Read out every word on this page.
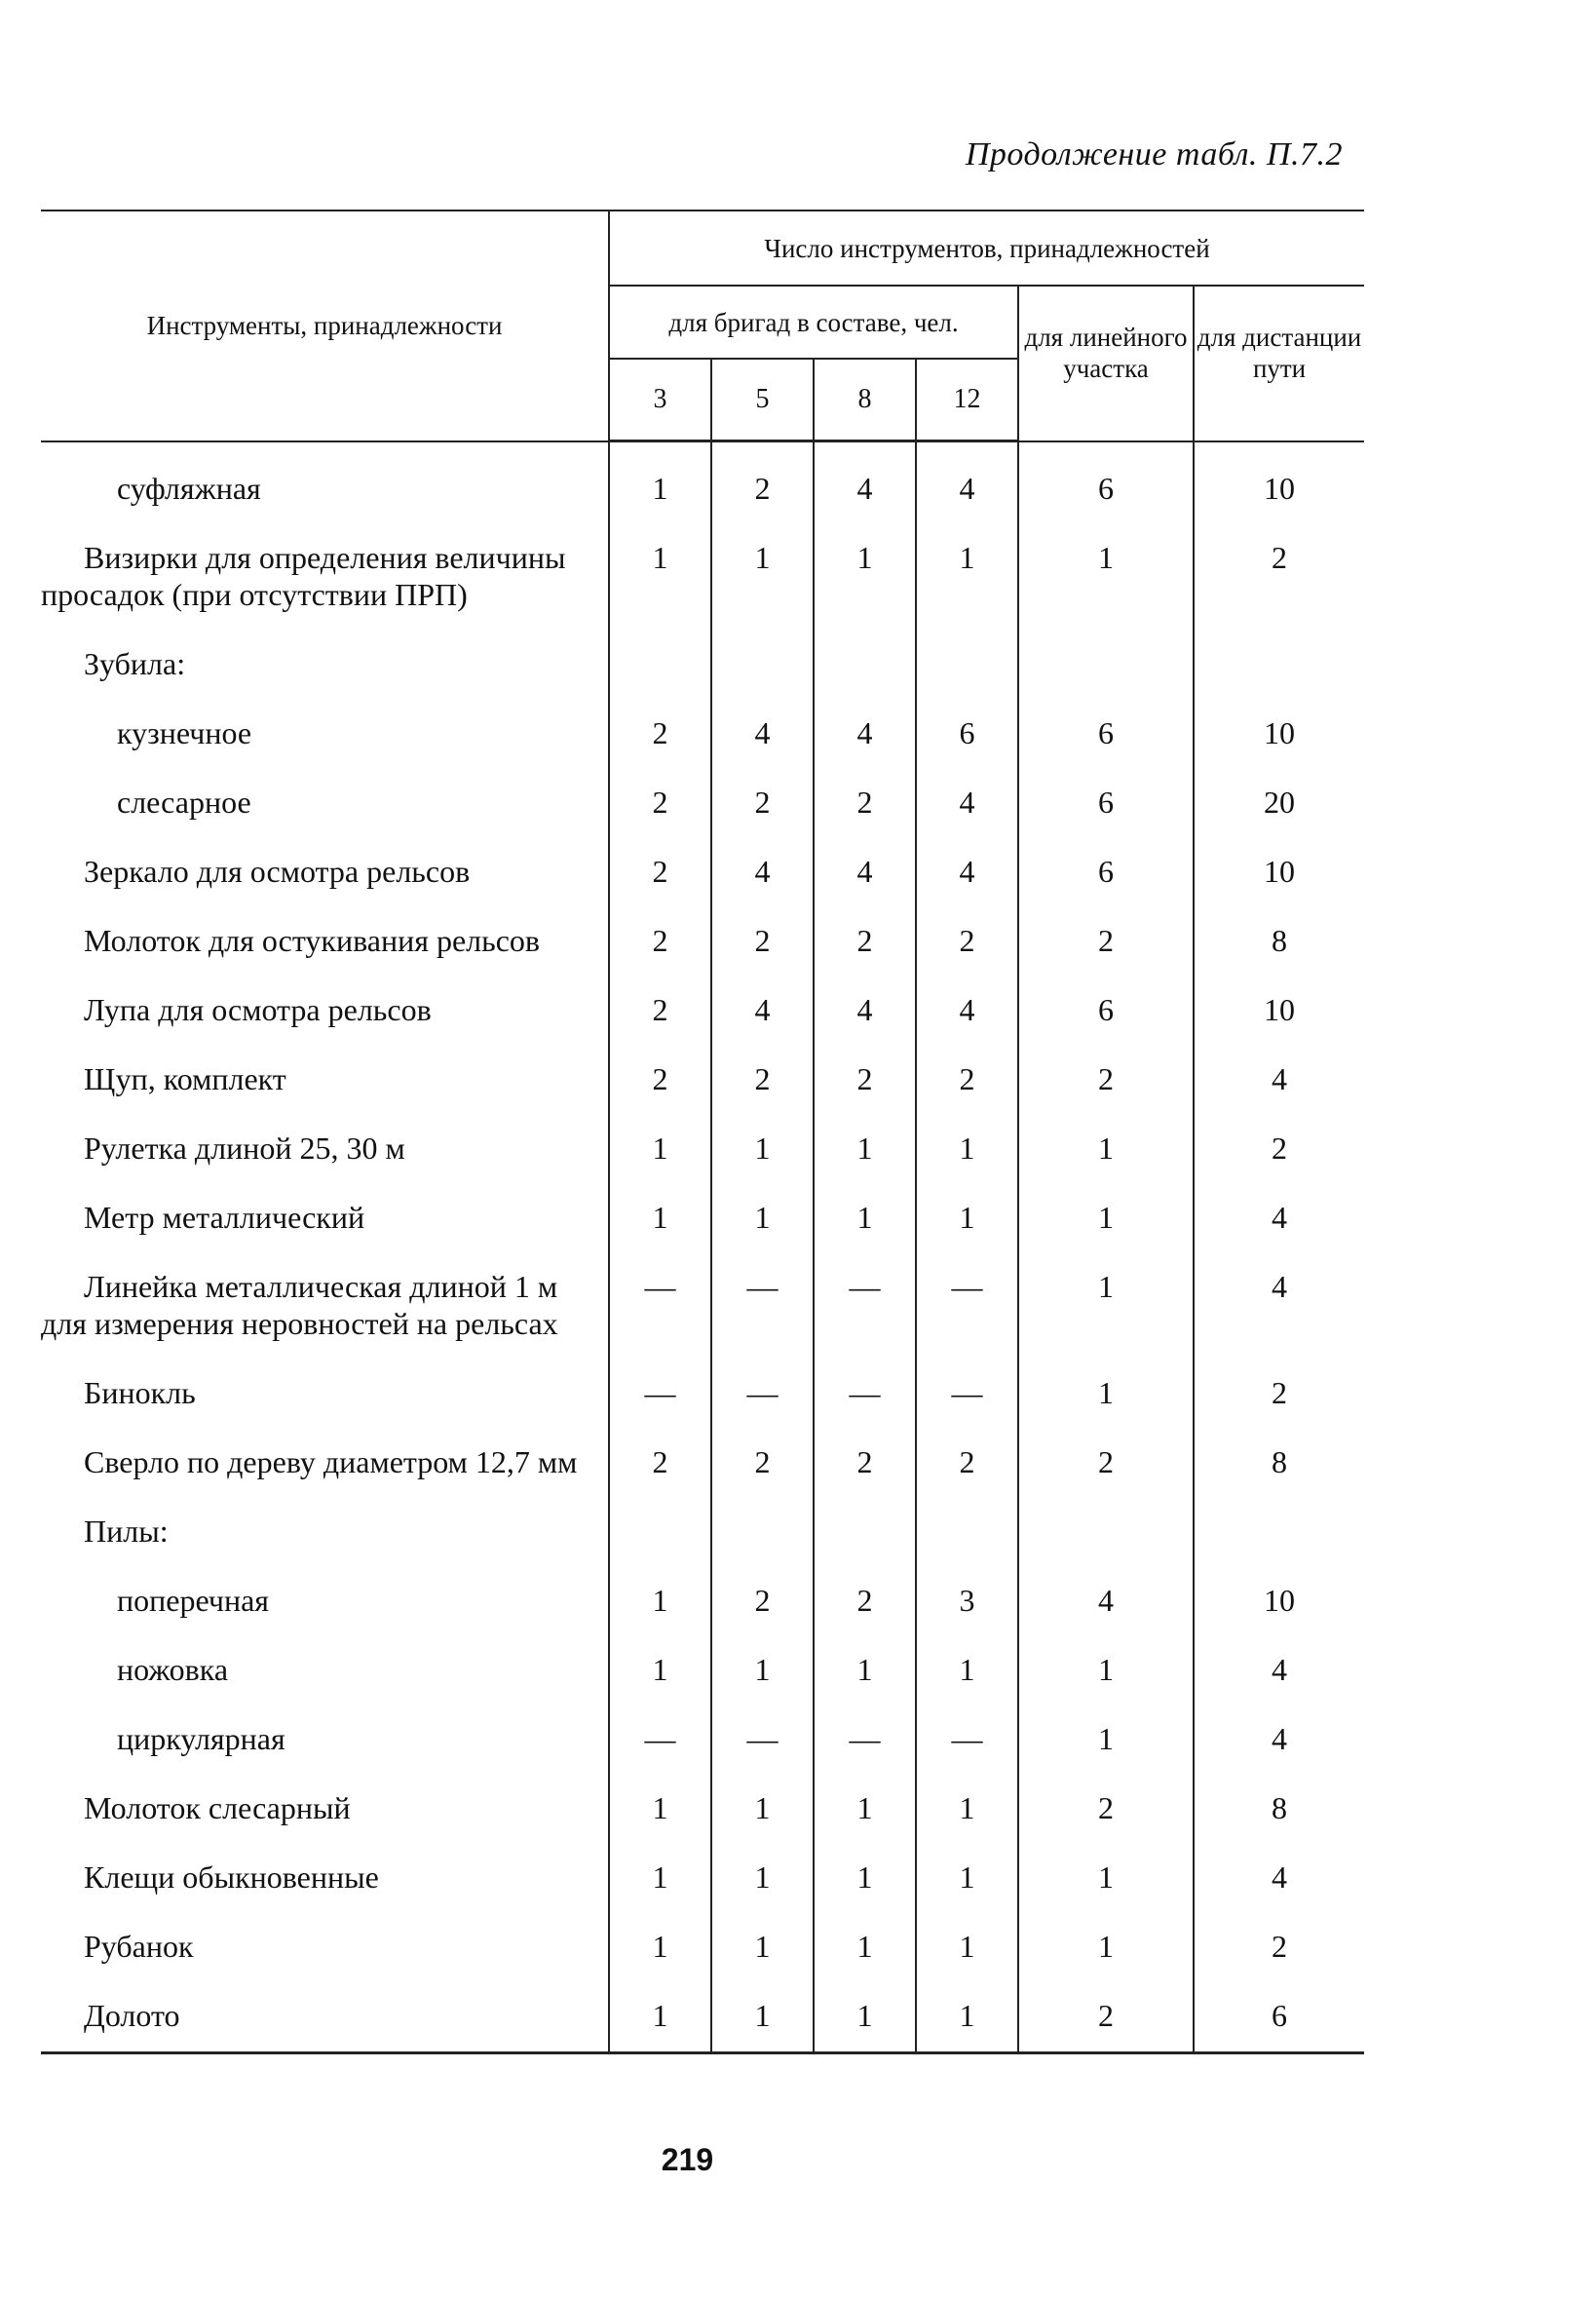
Продолжение табл. П.7.2
Инструменты, принадлежности	Число инструментов, принадлежностей					
	для бригад в составе, чел.				для линейного участка	для дистанции пути
	3	5	8	12		

суфляжная	1	2	4	4	6	10

Визирки для определения величины просадок (при отсутствии ПРП)	1	1	1	1	1	2

Зубила:						

кузнечное	2	4	4	6	6	10

слесарное	2	2	2	4	6	20

Зеркало для осмотра рельсов	2	4	4	4	6	10

Молоток для остукивания рельсов	2	2	2	2	2	8

Лупа для осмотра рельсов	2	4	4	4	6	10

Щуп, комплект	2	2	2	2	2	4

Рулетка длиной 25, 30 м	1	1	1	1	1	2

Метр металлический	1	1	1	1	1	4

Линейка металлическая длиной 1 м для измерения неровностей на рельсах	—	—	—	—	1	4

Бинокль	—	—	—	—	1	2

Сверло по дереву диаметром 12,7 мм	2	2	2	2	2	8

Пилы:						

поперечная	1	2	2	3	4	10

ножовка	1	1	1	1	1	4

циркулярная	—	—	—	—	1	4

Молоток слесарный	1	1	1	1	2	8

Клещи обыкновенные	1	1	1	1	1	4

Рубанок	1	1	1	1	1	2

Долото	1	1	1	1	2	6
219
